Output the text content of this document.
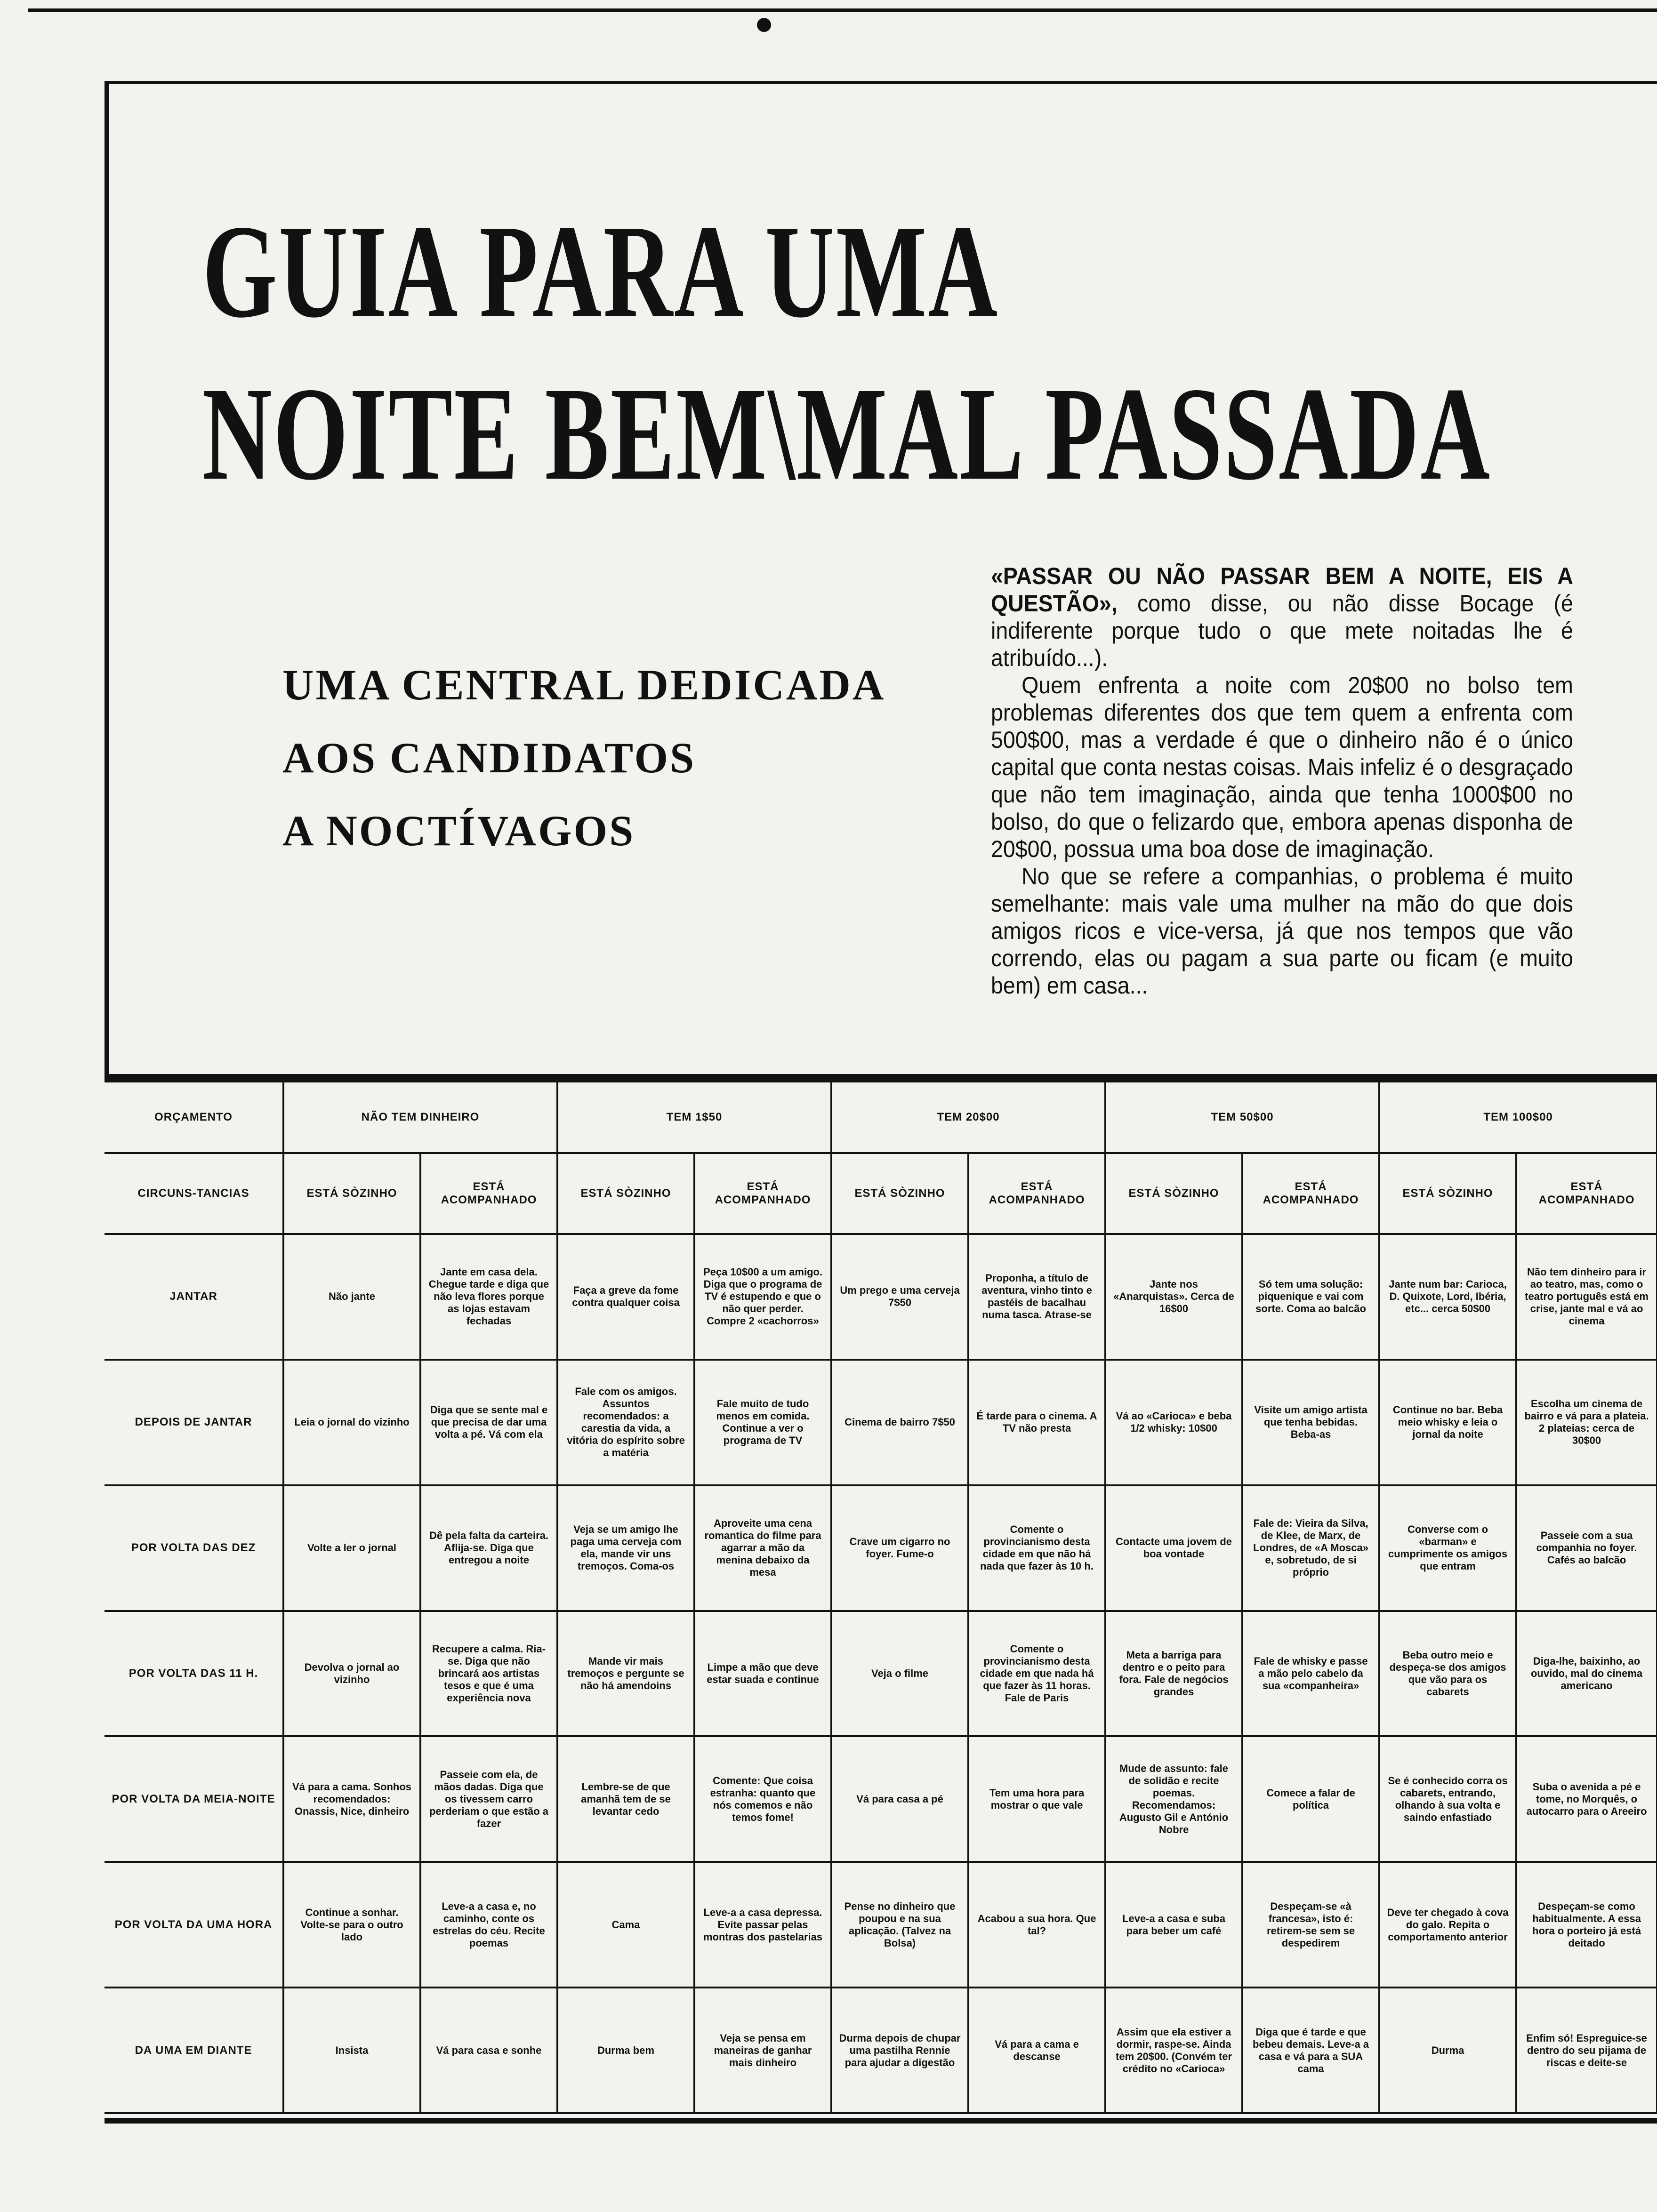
GUIA PARA UMA
NOITE BEM\MAL PASSADA
UMA CENTRAL DEDICADA
AOS CANDIDATOS
A NOCTÍVAGOS

«PASSAR OU NÃO PASSAR BEM A NOITE, EIS A QUESTÃO», como disse, ou não disse Bocage (é indiferente porque tudo o que mete noitadas lhe é atribuído...).

Quem enfrenta a noite com 20$00 no bolso tem problemas diferentes dos que tem quem a enfrenta com 500$00, mas a verdade é que o dinheiro não é o único capital que conta nestas coisas. Mais infeliz é o desgraçado que não tem imaginação, ainda que tenha 1000$00 no bolso, do que o felizardo que, embora apenas disponha de 20$00, possua uma boa dose de imaginação.

No que se refere a companhias, o problema é muito semelhante: mais vale uma mulher na mão do que dois amigos ricos e vice-versa, já que nos tempos que vão correndo, elas ou pagam a sua parte ou ficam (e muito bem) em casa...

ORÇAMENTO	NÃO TEM DINHEIRO		TEM 1$50		TEM 20$00		TEM 50$00		TEM 100$00	
CIRCUNS-TANCIAS	ESTÁ SÒZINHO	ESTÁ ACOMPANHADO	ESTÁ SÒZINHO	ESTÁ ACOMPANHADO	ESTÁ SÒZINHO	ESTÁ ACOMPANHADO	ESTÁ SÒZINHO	ESTÁ ACOMPANHADO	ESTÁ SÒZINHO	ESTÁ ACOMPANHADO
JANTAR	Não jante	Jante em casa dela. Chegue tarde e diga que não leva flores porque as lojas estavam fechadas	Faça a greve da fome contra qualquer coisa	Peça 10$00 a um amigo. Diga que o programa de TV é estupendo e que o não quer perder. Compre 2 «cachorros»	Um prego e uma cerveja 7$50	Proponha, a título de aventura, vinho tinto e pastéis de bacalhau numa tasca. Atrase-se	Jante nos «Anarquistas». Cerca de 16$00	Só tem uma solução: piquenique e vai com sorte. Coma ao balcão	Jante num bar: Carioca, D. Quixote, Lord, Ibéria, etc... cerca 50$00	Não tem dinheiro para ir ao teatro, mas, como o teatro português está em crise, jante mal e vá ao cinema
DEPOIS DE JANTAR	Leia o jornal do vizinho	Diga que se sente mal e que precisa de dar uma volta a pé. Vá com ela	Fale com os amigos. Assuntos recomendados: a carestia da vida, a vitória do espírito sobre a matéria	Fale muito de tudo menos em comida. Continue a ver o programa de TV	Cinema de bairro 7$50	É tarde para o cinema. A TV não presta	Vá ao «Carioca» e beba 1/2 whisky: 10$00	Visite um amigo artista que tenha bebidas. Beba-as	Continue no bar. Beba meio whisky e leia o jornal da noite	Escolha um cinema de bairro e vá para a plateia. 2 plateias: cerca de 30$00
POR VOLTA DAS DEZ	Volte a ler o jornal	Dê pela falta da carteira. Aflija-se. Diga que entregou a noite	Veja se um amigo lhe paga uma cerveja com ela, mande vir uns tremoços. Coma-os	Aproveite uma cena romantica do filme para agarrar a mão da menina debaixo da mesa	Crave um cigarro no foyer. Fume-o	Comente o provincianismo desta cidade em que não há nada que fazer às 10 h.	Contacte uma jovem de boa vontade	Fale de: Vieira da Silva, de Klee, de Marx, de Londres, de «A Mosca» e, sobretudo, de si próprio	Converse com o «barman» e cumprimente os amigos que entram	Passeie com a sua companhia no foyer. Cafés ao balcão
POR VOLTA DAS 11 H.	Devolva o jornal ao vizinho	Recupere a calma. Ria-se. Diga que não brincará aos artistas tesos e que é uma experiência nova	Mande vir mais tremoços e pergunte se não há amendoins	Limpe a mão que deve estar suada e continue	Veja o filme	Comente o provincianismo desta cidade em que nada há que fazer às 11 horas. Fale de Paris	Meta a barriga para dentro e o peito para fora. Fale de negócios grandes	Fale de whisky e passe a mão pelo cabelo da sua «companheira»	Beba outro meio e despeça-se dos amigos que vão para os cabarets	Diga-lhe, baixinho, ao ouvido, mal do cinema americano
POR VOLTA DA MEIA-NOITE	Vá para a cama. Sonhos recomendados: Onassis, Nice, dinheiro	Passeie com ela, de mãos dadas. Diga que os tivessem carro perderiam o que estão a fazer	Lembre-se de que amanhã tem de se levantar cedo	Comente: Que coisa estranha: quanto que nós comemos e não temos fome!	Vá para casa a pé	Tem uma hora para mostrar o que vale	Mude de assunto: fale de solidão e recite poemas. Recomendamos: Augusto Gil e António Nobre	Comece a falar de política	Se é conhecido corra os cabarets, entrando, olhando à sua volta e saindo enfastiado	Suba o avenida a pé e tome, no Morquês, o autocarro para o Areeiro
POR VOLTA DA UMA HORA	Continue a sonhar. Volte-se para o outro lado	Leve-a a casa e, no caminho, conte os estrelas do céu. Recite poemas	Cama	Leve-a a casa depressa. Evite passar pelas montras dos pastelarias	Pense no dinheiro que poupou e na sua aplicação. (Talvez na Bolsa)	Acabou a sua hora. Que tal?	Leve-a a casa e suba para beber um café	Despeçam-se «à francesa», isto é: retirem-se sem se despedirem	Deve ter chegado à cova do galo. Repita o comportamento anterior	Despeçam-se como habitualmente. A essa hora o porteiro já está deitado
DA UMA EM DIANTE	Insista	Vá para casa e sonhe	Durma bem	Veja se pensa em maneiras de ganhar mais dinheiro	Durma depois de chupar uma pastilha Rennie para ajudar a digestão	Vá para a cama e descanse	Assim que ela estiver a dormir, raspe-se. Ainda tem 20$00. (Convém ter crédito no «Carioca»	Diga que é tarde e que bebeu demais. Leve-a a casa e vá para a SUA cama	Durma	Enfim só! Espreguice-se dentro do seu pijama de riscas e deite-se
